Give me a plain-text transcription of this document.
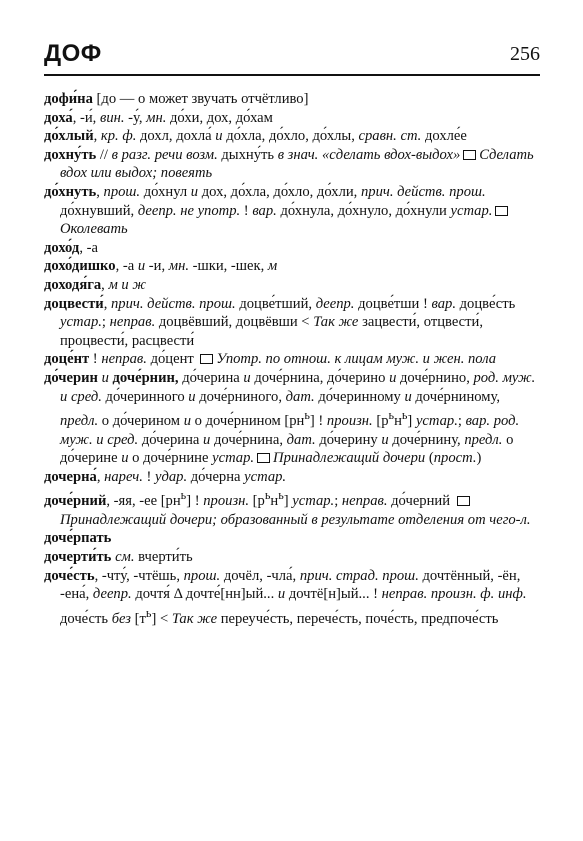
ДОФ	256

дофи́на [до — о может звучать отчётливо]

доха́, -и́, вин. -у́, мн. до́хи, дох, до́хам

до́хлый, кр. ф. дохл, дохла́ и до́хла, до́хло, до́хлы, сравн. ст. дохле́е

дохну́ть // в разг. речи возм. дыхну́ть в знач. «сделать вдох-выдох» Сделать вдох или выдох; повеять

до́хнуть, прош. до́хнул и дох, до́хла, до́хло, до́хли, прич. действ. прош. до́хнувший, деепр. не употр. ! вар. до́хнула, до́хнуло, до́хнули устар.Околевать

дохо́д, -а

дохо́дишко, -а и -и, мн. -шки, -шек, м

доходя́га, м и ж

доцвести́, прич. действ. прош. доцве́тший, деепр. доцве́тши ! вар. доцве́сть устар.; неправ. доцвёвший, доцвёвши < Так же зацвести́, отцвести́, процвести́, расцвести́

доце́нт ! неправ. до́цент Употр. по отнош. к лицам муж. и жен. пола

до́черин и доче́рнин, до́черина и доче́рнина, до́черино и доче́рнино, род. муж. и сред. до́черинного и доче́рниного, дат. до́черинному и доче́рниному, предл. о до́черином и о доче́рнином $[рн^ь]$ ! произн. $[р^ьн^ь]$ устар.; вар. род. муж. и сред. до́черина и доче́рнина, дат. до́черину и доче́рнину, предл. о до́черине и о доче́рнине устар. Принадлежащий дочери (прост.)

дочерна́, нареч. ! удар. до́черна устар.

доче́рний, -яя, -ее $[рн^ь]$ ! произн. $[р^ьн^ь]$ устар.; неправ. до́черний Принадлежащий дочери; образованный в результате отделения от чего-л.

доче́рпать

дочерти́ть см. вчерти́ть

доче́сть, -чту́, -чтёшь, прош. дочёл, -чла́, прич. страд. прош. дочтённый, -ён, -ена́, деепр. дочтя́ Δ дочте́[нн]ый... и дочтё[н]ый... ! неправ. произн. ф. инф. доче́сть без $[т^ь]$ < Так же переуче́сть, перече́сть, поче́сть, предпоче́сть
